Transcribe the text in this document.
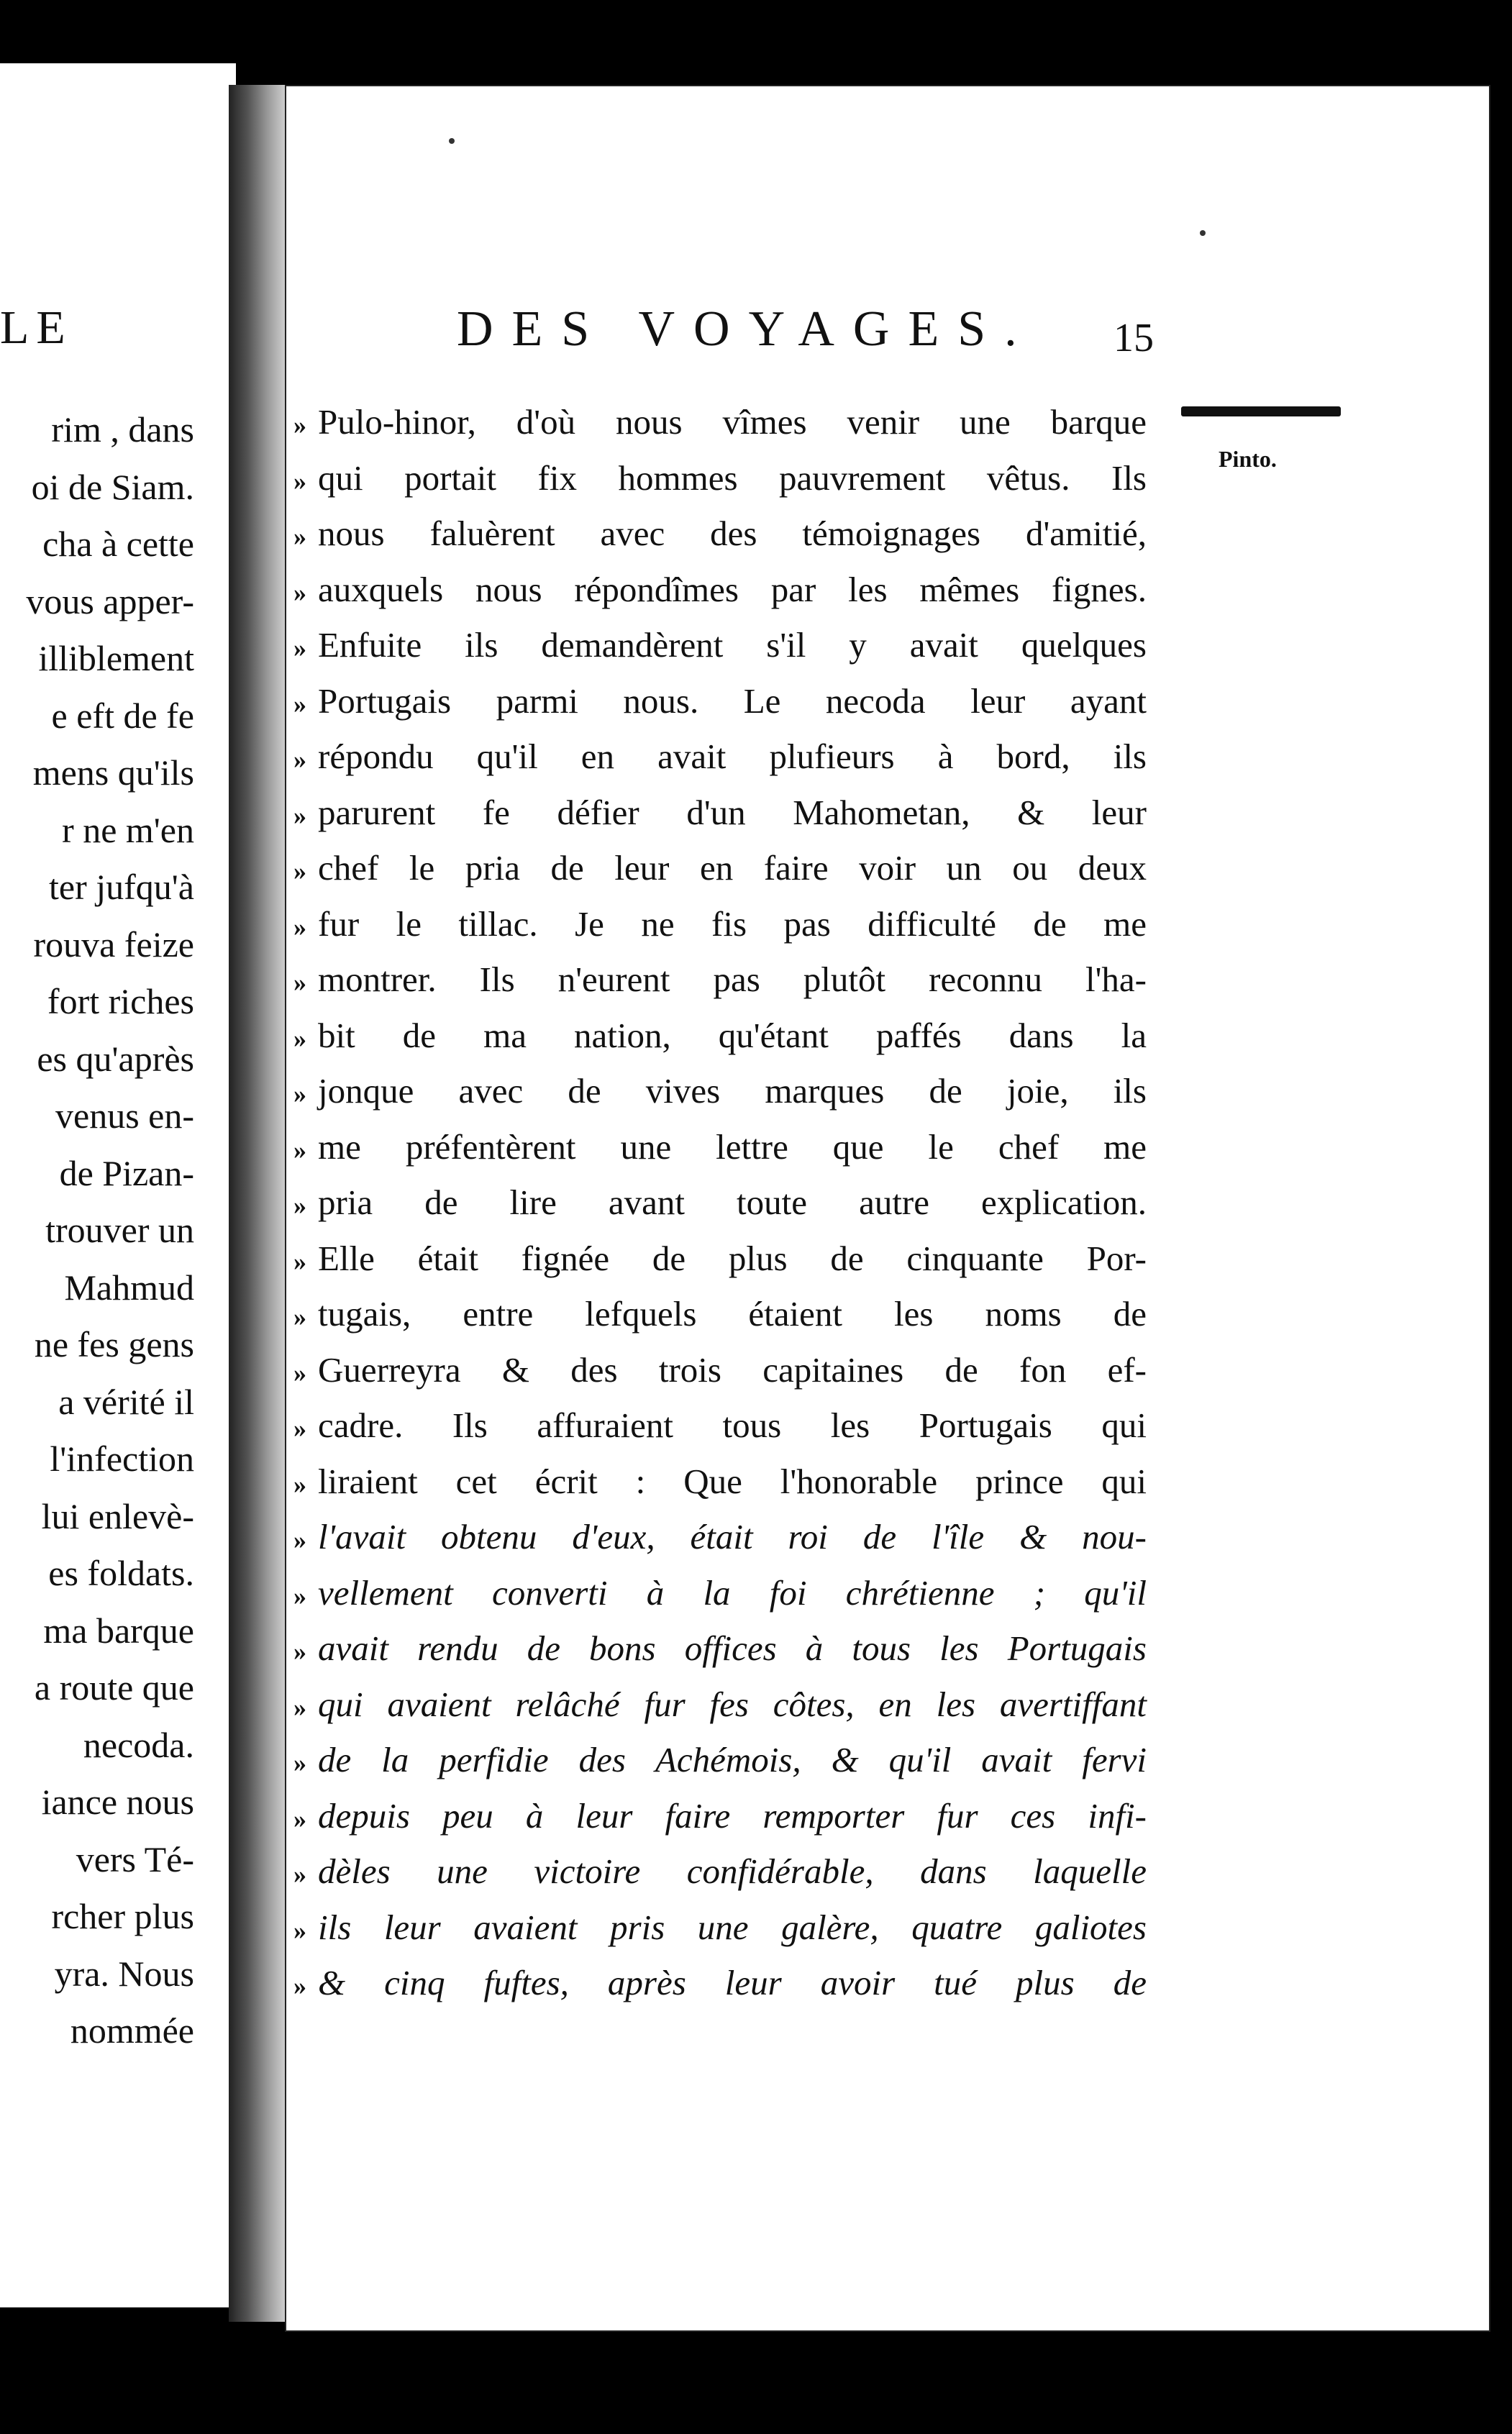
LE
rim , dans
oi de Siam.
cha à cette
vous apper-
illiblement
e eft de fe
mens qu'ils
r ne m'en
ter jufqu'à
rouva feize
fort riches
es qu'après
venus en-
de Pizan-
trouver un
Mahmud
ne fes gens
a vérité il
l'infection
lui enlevè-
es foldats.
ma barque
a route que
necoda.
iance nous
vers Té-
rcher plus
yra. Nous
nommée
DES VOYAGES. 15
Pinto.
» Pulo-hinor, d'où nous vîmes venir une barque
» qui portait fix hommes pauvrement vêtus. Ils
» nous faluèrent avec des témoignages d'amitié,
» auxquels nous répondîmes par les mêmes fignes.
» Enfuite ils demandèrent s'il y avait quelques
» Portugais parmi nous. Le necoda leur ayant
» répondu qu'il en avait plufieurs à bord, ils
» parurent fe défier d'un Mahometan, & leur
» chef le pria de leur en faire voir un ou deux
» fur le tillac. Je ne fis pas difficulté de me
» montrer. Ils n'eurent pas plutôt reconnu l'ha-
» bit de ma nation, qu'étant paffés dans la
» jonque avec de vives marques de joie, ils
» me préfentèrent une lettre que le chef me
» pria de lire avant toute autre explication.
» Elle était fignée de plus de cinquante Por-
» tugais, entre lefquels étaient les noms de
» Guerreyra & des trois capitaines de fon ef-
» cadre. Ils affuraient tous les Portugais qui
» liraient cet écrit : Que l'honorable prince qui
» l'avait obtenu d'eux, était roi de l'île & nou-
» vellement converti à la foi chrétienne ; qu'il
» avait rendu de bons offices à tous les Portugais
» qui avaient relâché fur fes côtes, en les avertiffant
» de la perfidie des Achémois, & qu'il avait fervi
» depuis peu à leur faire remporter fur ces infi-
» dèles une victoire confidérable, dans laquelle
» ils leur avaient pris une galère, quatre galiotes
» & cinq fuftes, après leur avoir tué plus de
